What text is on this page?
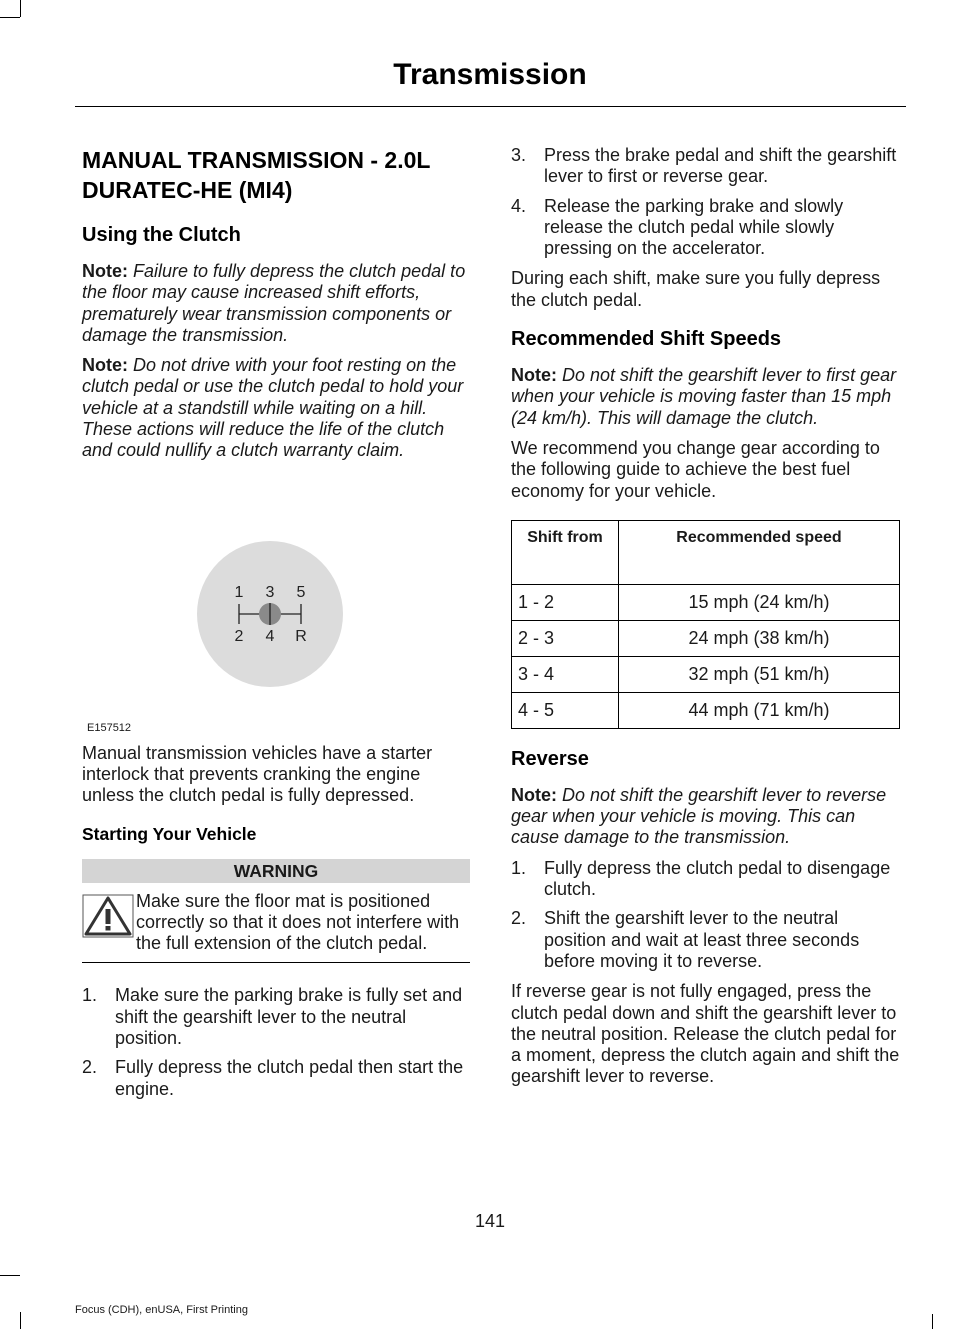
Transmission
MANUAL TRANSMISSION - 2.0L DURATEC-HE (MI4)
Using the Clutch

Note: Failure to fully depress the clutch pedal to the floor may cause increased shift efforts, prematurely wear transmission components or damage the transmission.

Note: Do not drive with your foot resting on the clutch pedal or use the clutch pedal to hold your vehicle at a standstill while waiting on a hill. These actions will reduce the life of the clutch and could nullify a clutch warranty claim.

1 3 5
2 4 R
E157512

Manual transmission vehicles have a starter interlock that prevents cranking the engine unless the clutch pedal is fully depressed.

Starting Your Vehicle
WARNING
Make sure the floor mat is positioned correctly so that it does not interfere with the full extension of the clutch pedal.
1. Make sure the parking brake is fully set and shift the gearshift lever to the neutral position.
2. Fully depress the clutch pedal then start the engine.
3. Press the brake pedal and shift the gearshift lever to first or reverse gear.
4. Release the parking brake and slowly release the clutch pedal while slowly pressing on the accelerator.

During each shift, make sure you fully depress the clutch pedal.

Recommended Shift Speeds

Note: Do not shift the gearshift lever to first gear when your vehicle is moving faster than 15 mph (24 km/h). This will damage the clutch.

We recommend you change gear according to the following guide to achieve the best fuel economy for your vehicle.

Shift from	Recommended speed
1 - 2	15 mph (24 km/h)
2 - 3	24 mph (38 km/h)
3 - 4	32 mph (51 km/h)
4 - 5	44 mph (71 km/h)
Reverse

Note: Do not shift the gearshift lever to reverse gear when your vehicle is moving. This can cause damage to the transmission.

1. Fully depress the clutch pedal to disengage clutch.
2. Shift the gearshift lever to the neutral position and wait at least three seconds before moving it to reverse.

If reverse gear is not fully engaged, press the clutch pedal down and shift the gearshift lever to the neutral position. Release the clutch pedal for a moment, depress the clutch again and shift the gearshift lever to reverse.

141
Focus (CDH), enUSA, First Printing
